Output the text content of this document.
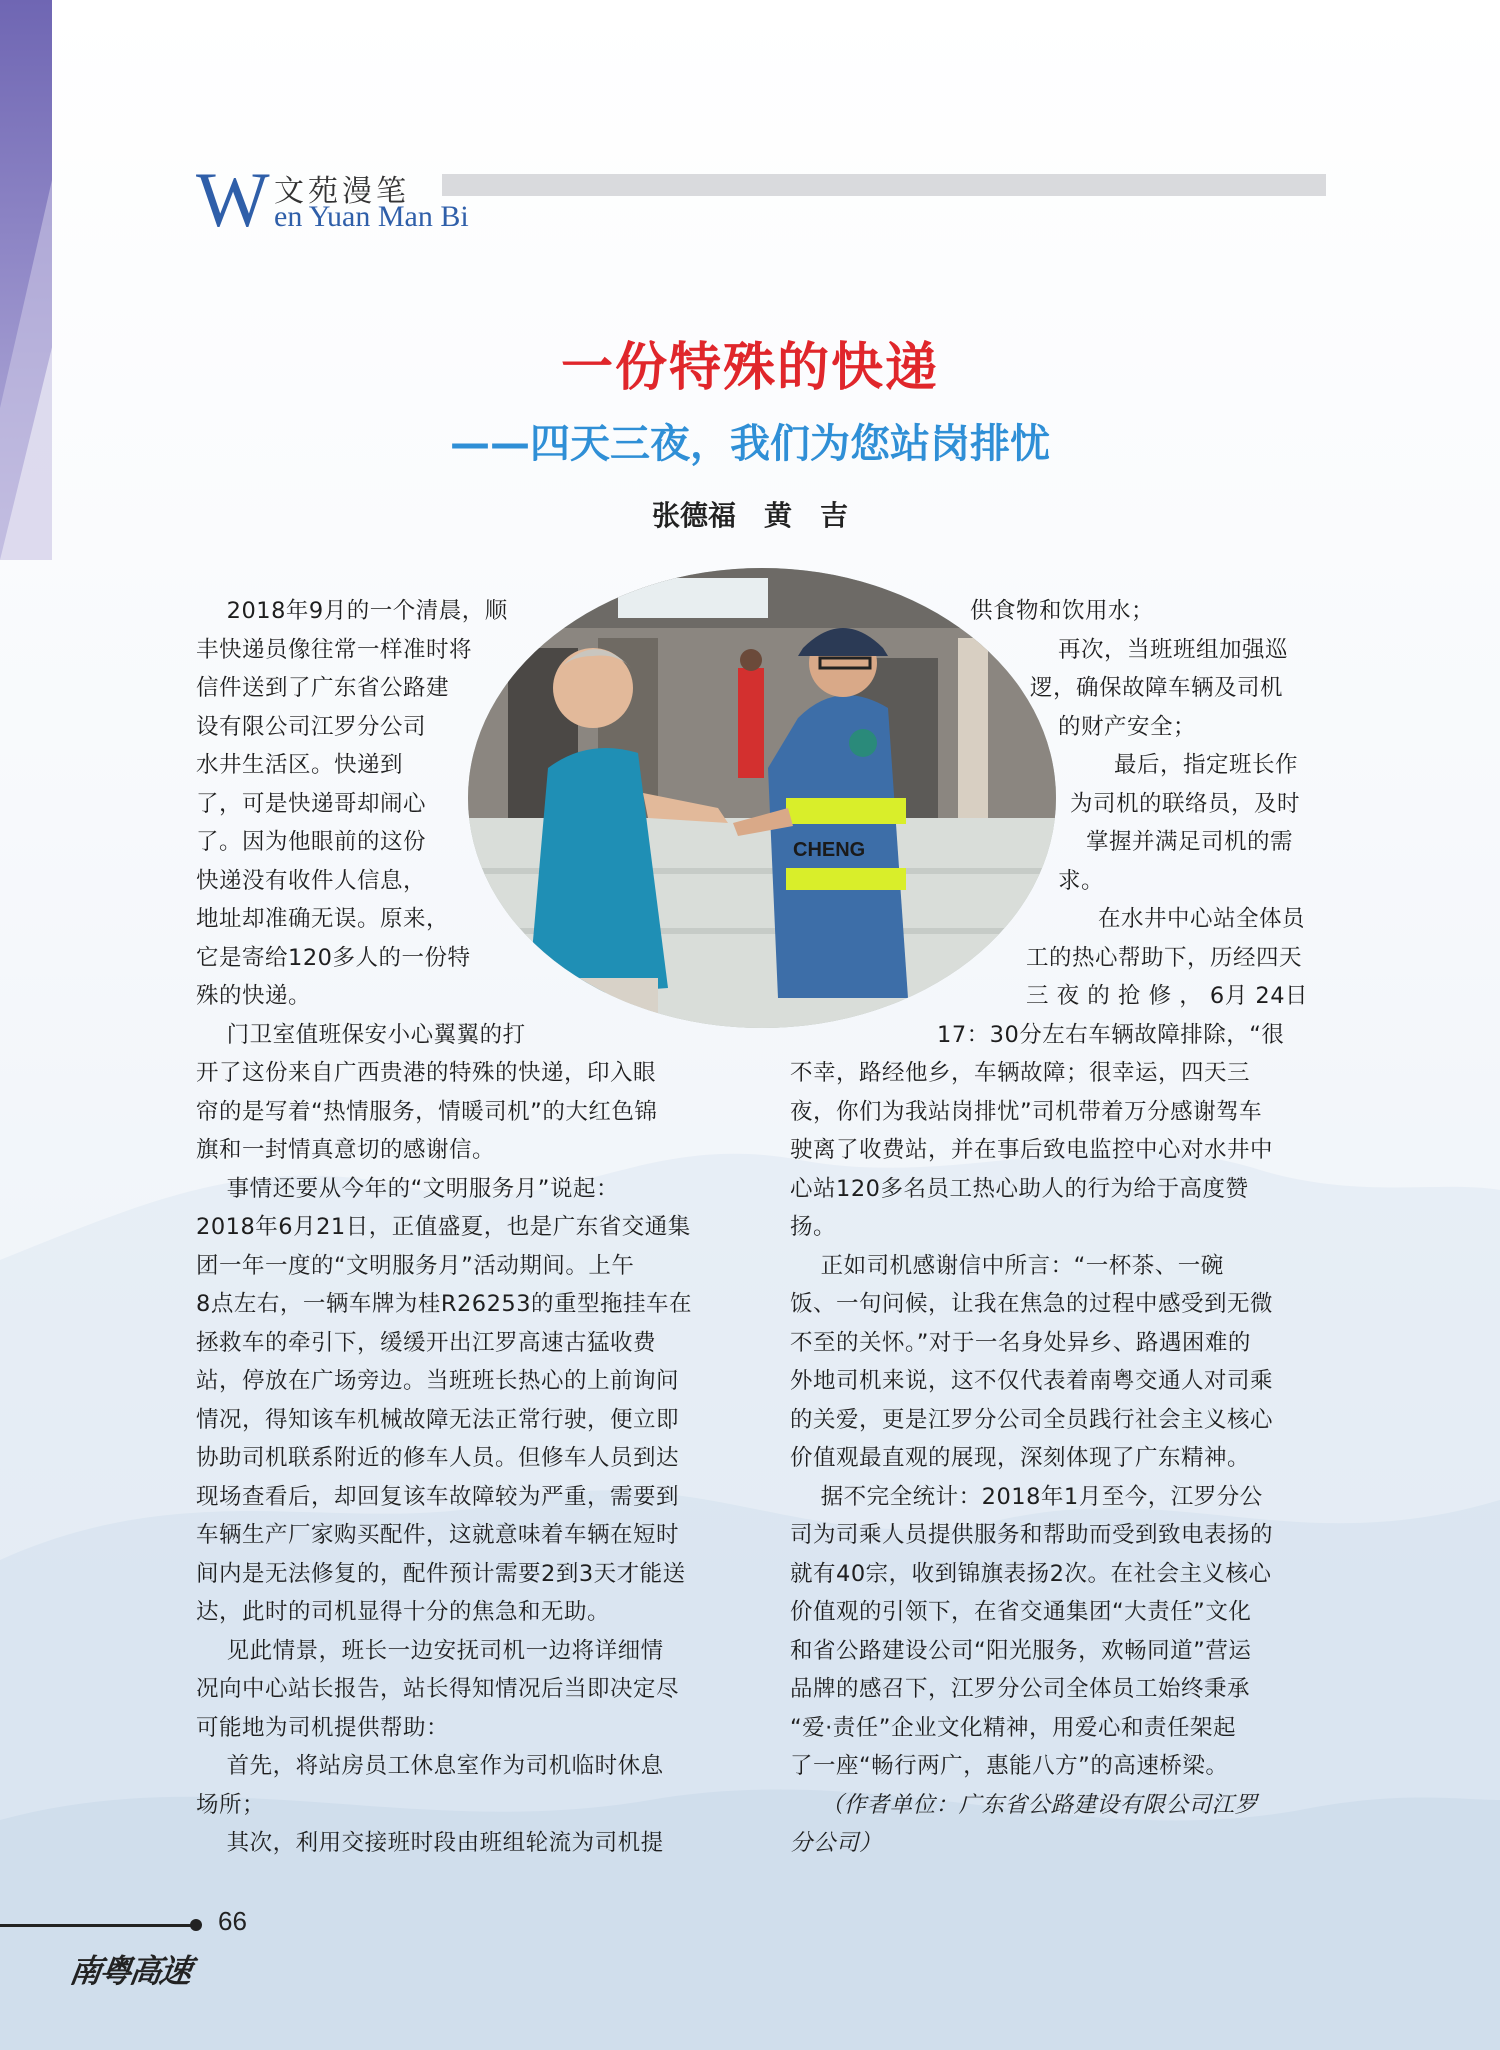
W 文苑漫笔
en Yuan Man Bi
一份特殊的快递
——四天三夜，我们为您站岗排忧
张德福　黄　吉
CHENG
　 2018年9月的一个清晨，顺
丰快递员像往常一样准时将
信件送到了广东省公路建
设有限公司江罗分公司
水井生活区。快递到
了，可是快递哥却闹心
了。因为他眼前的这份
快递没有收件人信息，
地址却准确无误。原来，
它是寄给120多人的一份特
殊的快递。
　 门卫室值班保安小心翼翼的打
开了这份来自广西贵港的特殊的快递，印入眼
帘的是写着“热情服务，情暖司机”的大红色锦
旗和一封情真意切的感谢信。
　 事情还要从今年的“文明服务月”说起：
2018年6月21日，正值盛夏，也是广东省交通集
团一年一度的“文明服务月”活动期间。上午
8点左右，一辆车牌为桂R26253的重型拖挂车在
拯救车的牵引下，缓缓开出江罗高速古猛收费
站，停放在广场旁边。当班班长热心的上前询问
情况，得知该车机械故障无法正常行驶，便立即
协助司机联系附近的修车人员。但修车人员到达
现场查看后，却回复该车故障较为严重，需要到
车辆生产厂家购买配件，这就意味着车辆在短时
间内是无法修复的，配件预计需要2到3天才能送
达，此时的司机显得十分的焦急和无助。
　 见此情景，班长一边安抚司机一边将详细情
况向中心站长报告，站长得知情况后当即决定尽
可能地为司机提供帮助：
　 首先，将站房员工休息室作为司机临时休息
场所；
　 其次，利用交接班时段由班组轮流为司机提
供食物和饮用水；
再次，当班班组加强巡
逻，确保故障车辆及司机
的财产安全；
最后，指定班长作
为司机的联络员，及时
掌握并满足司机的需
求。
在水井中心站全体员
工的热心帮助下，历经四天
三 夜 的 抢 修 ， 6月 24日
17：30分左右车辆故障排除，“很
不幸，路经他乡，车辆故障；很幸运，四天三
夜，你们为我站岗排忧”司机带着万分感谢驾车
驶离了收费站，并在事后致电监控中心对水井中
心站120多名员工热心助人的行为给于高度赞
扬。
　 正如司机感谢信中所言：“一杯茶、一碗
饭、一句问候，让我在焦急的过程中感受到无微
不至的关怀。”对于一名身处异乡、路遇困难的
外地司机来说，这不仅代表着南粤交通人对司乘
的关爱，更是江罗分公司全员践行社会主义核心
价值观最直观的展现，深刻体现了广东精神。
　 据不完全统计：2018年1月至今，江罗分公
司为司乘人员提供服务和帮助而受到致电表扬的
就有40宗，收到锦旗表扬2次。在社会主义核心
价值观的引领下，在省交通集团“大责任”文化
和省公路建设公司“阳光服务，欢畅同道”营运
品牌的感召下，江罗分公司全体员工始终秉承
“爱·责任”企业文化精神，用爱心和责任架起
了一座“畅行两广，惠能八方”的高速桥梁。
　 （作者单位：广东省公路建设有限公司江罗
分公司）
66
南粤高速
